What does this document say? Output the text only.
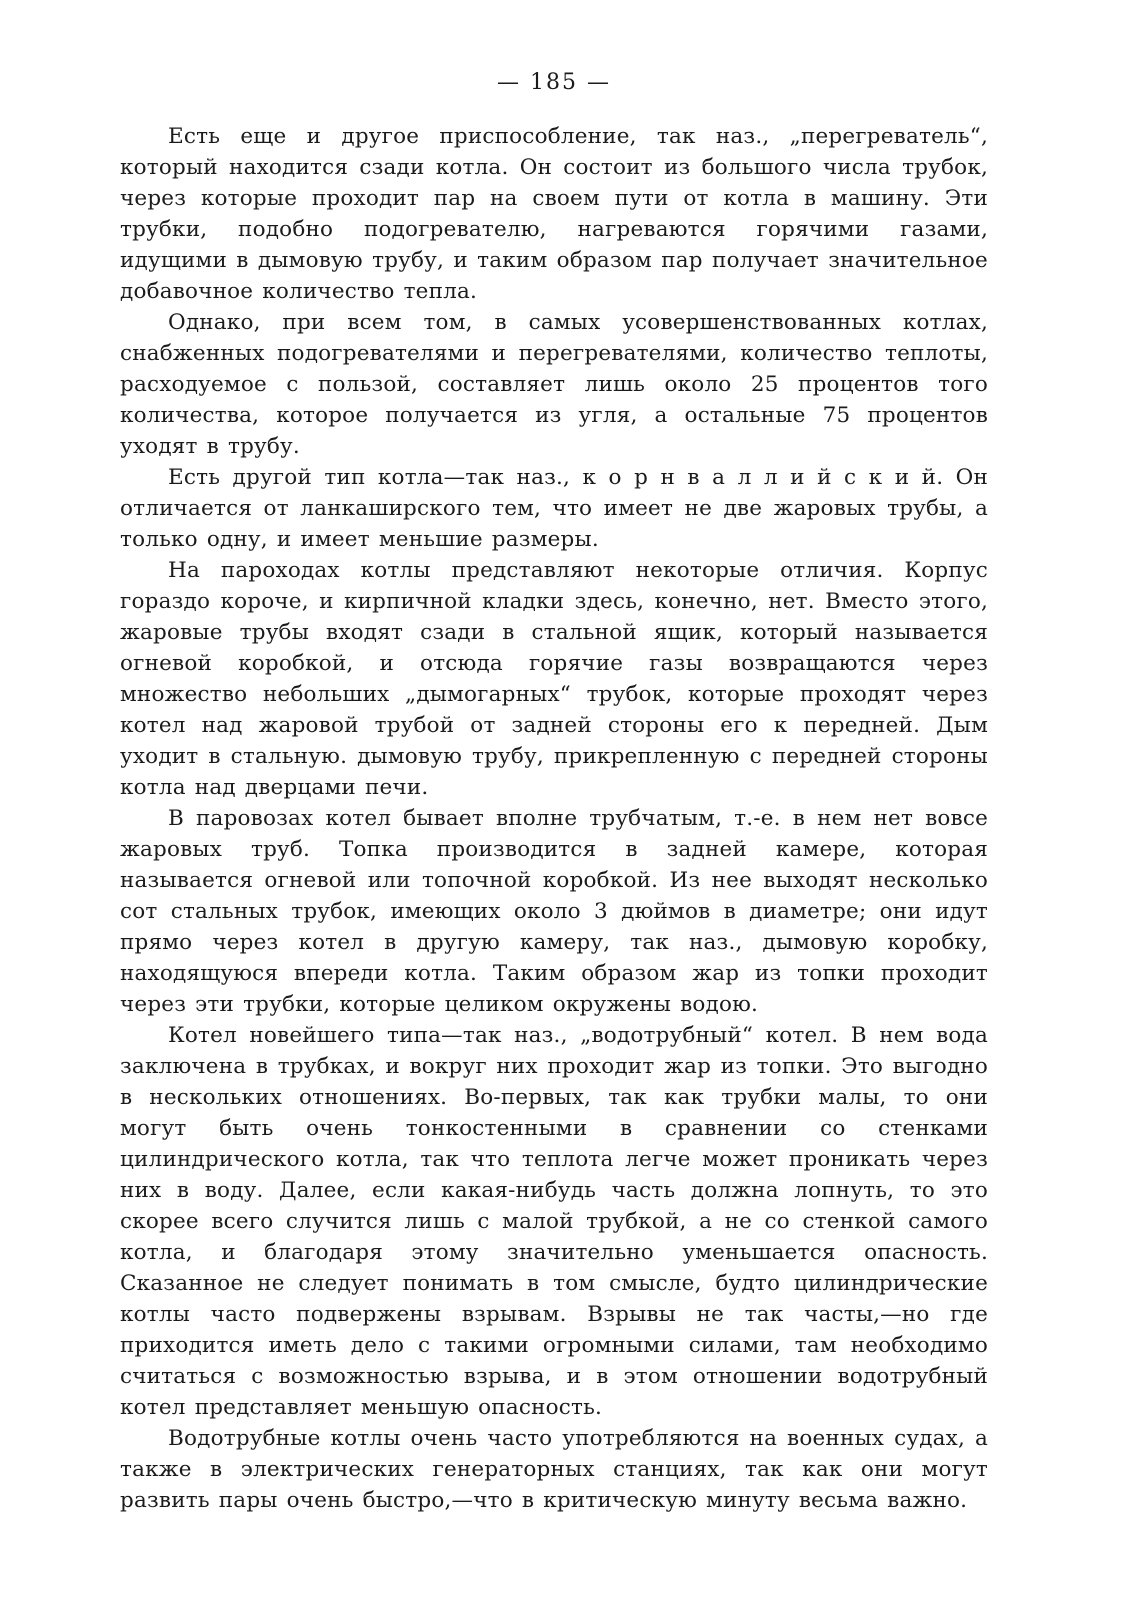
— 185 —

Есть еще и другое приспособление, так наз., „перегреватель“, который находится сзади котла. Он состоит из большого числа трубок, через которые проходит пар на своем пути от котла в машину. Эти трубки, подобно подогревателю, нагреваются горячими газами, идущими в дымовую трубу, и таким образом пар получает значительное добавочное количество тепла.

Однако, при всем том, в самых усовершенствованных котлах, снабженных подогревателями и перегревателями, количество теплоты, расходуемое с пользой, составляет лишь около 25 процентов того количества, которое получается из угля, а остальные 75 процентов уходят в трубу.

Есть другой тип котла—так наз., к о р н в а л л и й с к и й. Он отличается от ланкаширского тем, что имеет не две жаровых трубы, а только одну, и имеет меньшие размеры.

На пароходах котлы представляют некоторые отличия. Корпус гораздо короче, и кирпичной кладки здесь, конечно, нет. Вместо этого, жаровые трубы входят сзади в стальной ящик, который называется огневой коробкой, и отсюда горячие газы возвращаются через множество небольших „дымогарных“ трубок, которые проходят через котел над жаровой трубой от задней стороны его к передней. Дым уходит в стальную. дымовую трубу, прикрепленную с передней стороны котла над дверцами печи.

В паровозах котел бывает вполне трубчатым, т.-е. в нем нет вовсе жаровых труб. Топка производится в задней камере, которая называется огневой или топочной коробкой. Из нее выходят несколько сот стальных трубок, имеющих около 3 дюймов в диаметре; они идут прямо через котел в другую камеру, так наз., дымовую коробку, находящуюся впереди котла. Таким образом жар из топки проходит через эти трубки, которые целиком окружены водою.

Котел новейшего типа—так наз., „водотрубный“ котел. В нем вода заключена в трубках, и вокруг них проходит жар из топки. Это выгодно в нескольких отношениях. Во-первых, так как трубки малы, то они могут быть очень тонкостенными в сравнении со стенками цилиндрического котла, так что теплота легче может проникать через них в воду. Далее, если какая-нибудь часть должна лопнуть, то это скорее всего случится лишь с малой трубкой, а не со стенкой самого котла, и благодаря этому значительно уменьшается опасность. Сказанное не следует понимать в том смысле, будто цилиндрические котлы часто подвержены взрывам. Взрывы не так часты,—но где приходится иметь дело с такими огромными силами, там необходимо считаться с возможностью взрыва, и в этом отношении водотрубный котел представляет меньшую опасность.

Водотрубные котлы очень часто употребляются на военных судах, а также в электрических генераторных станциях, так как они могут развить пары очень быстро,—что в критическую минуту весьма важно.
